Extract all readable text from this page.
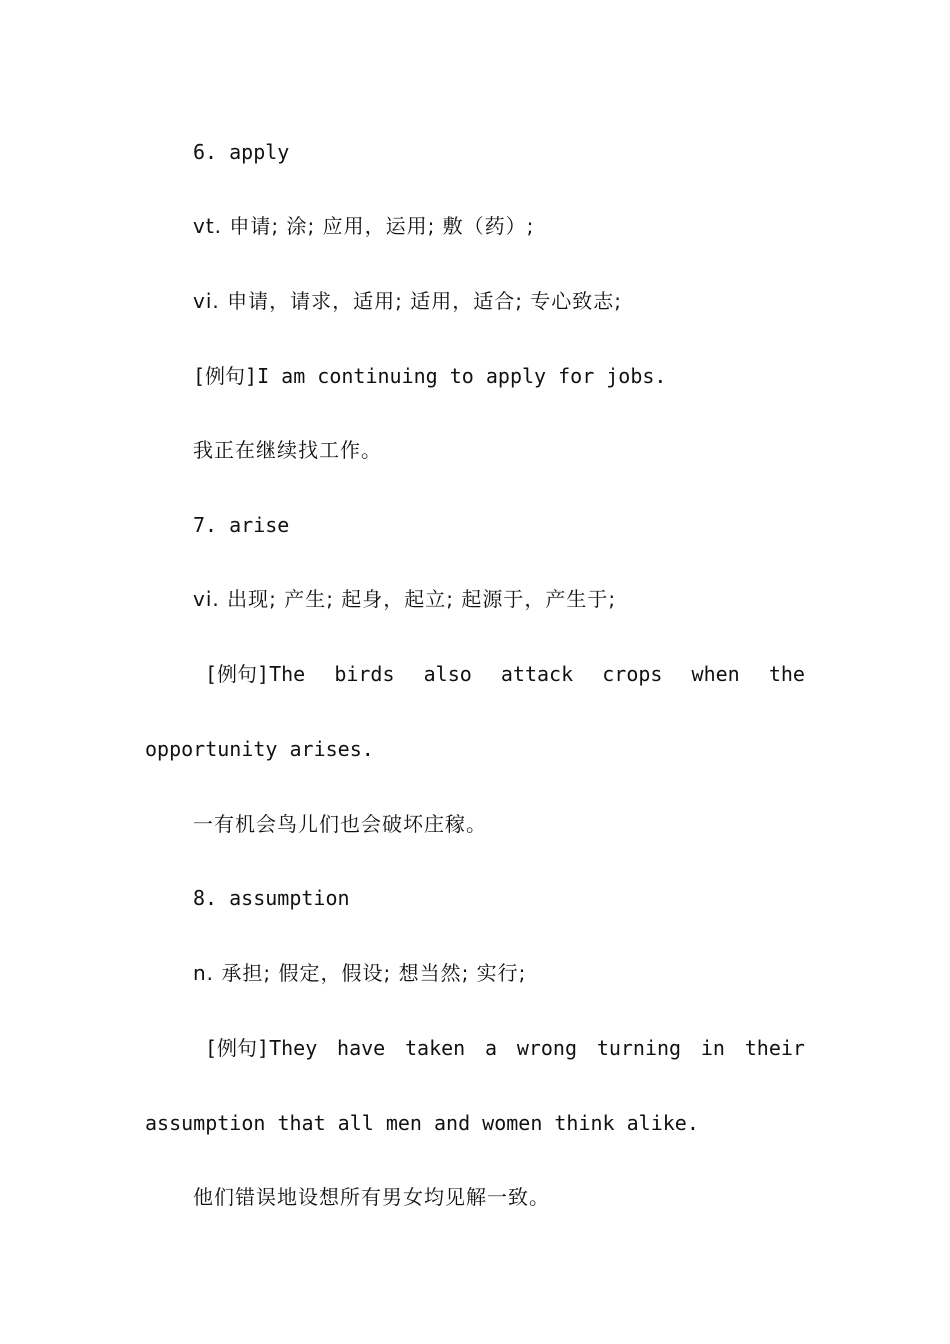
6. apply
vt. 申请; 涂; 应用，运用; 敷（药）;
vi. 申请，请求，适用; 适用，适合; 专心致志;
[例句]I am continuing to apply for jobs.
我正在继续找工作。
7. arise
vi. 出现; 产生; 起身，起立; 起源于，产生于;
[例句]The birds also attack crops when the
opportunity arises.
一有机会鸟儿们也会破坏庄稼。
8. assumption
n. 承担; 假定，假设; 想当然; 实行;
[例句]They have taken a wrong turning in their
assumption that all men and women think alike.
他们错误地设想所有男女均见解一致。
